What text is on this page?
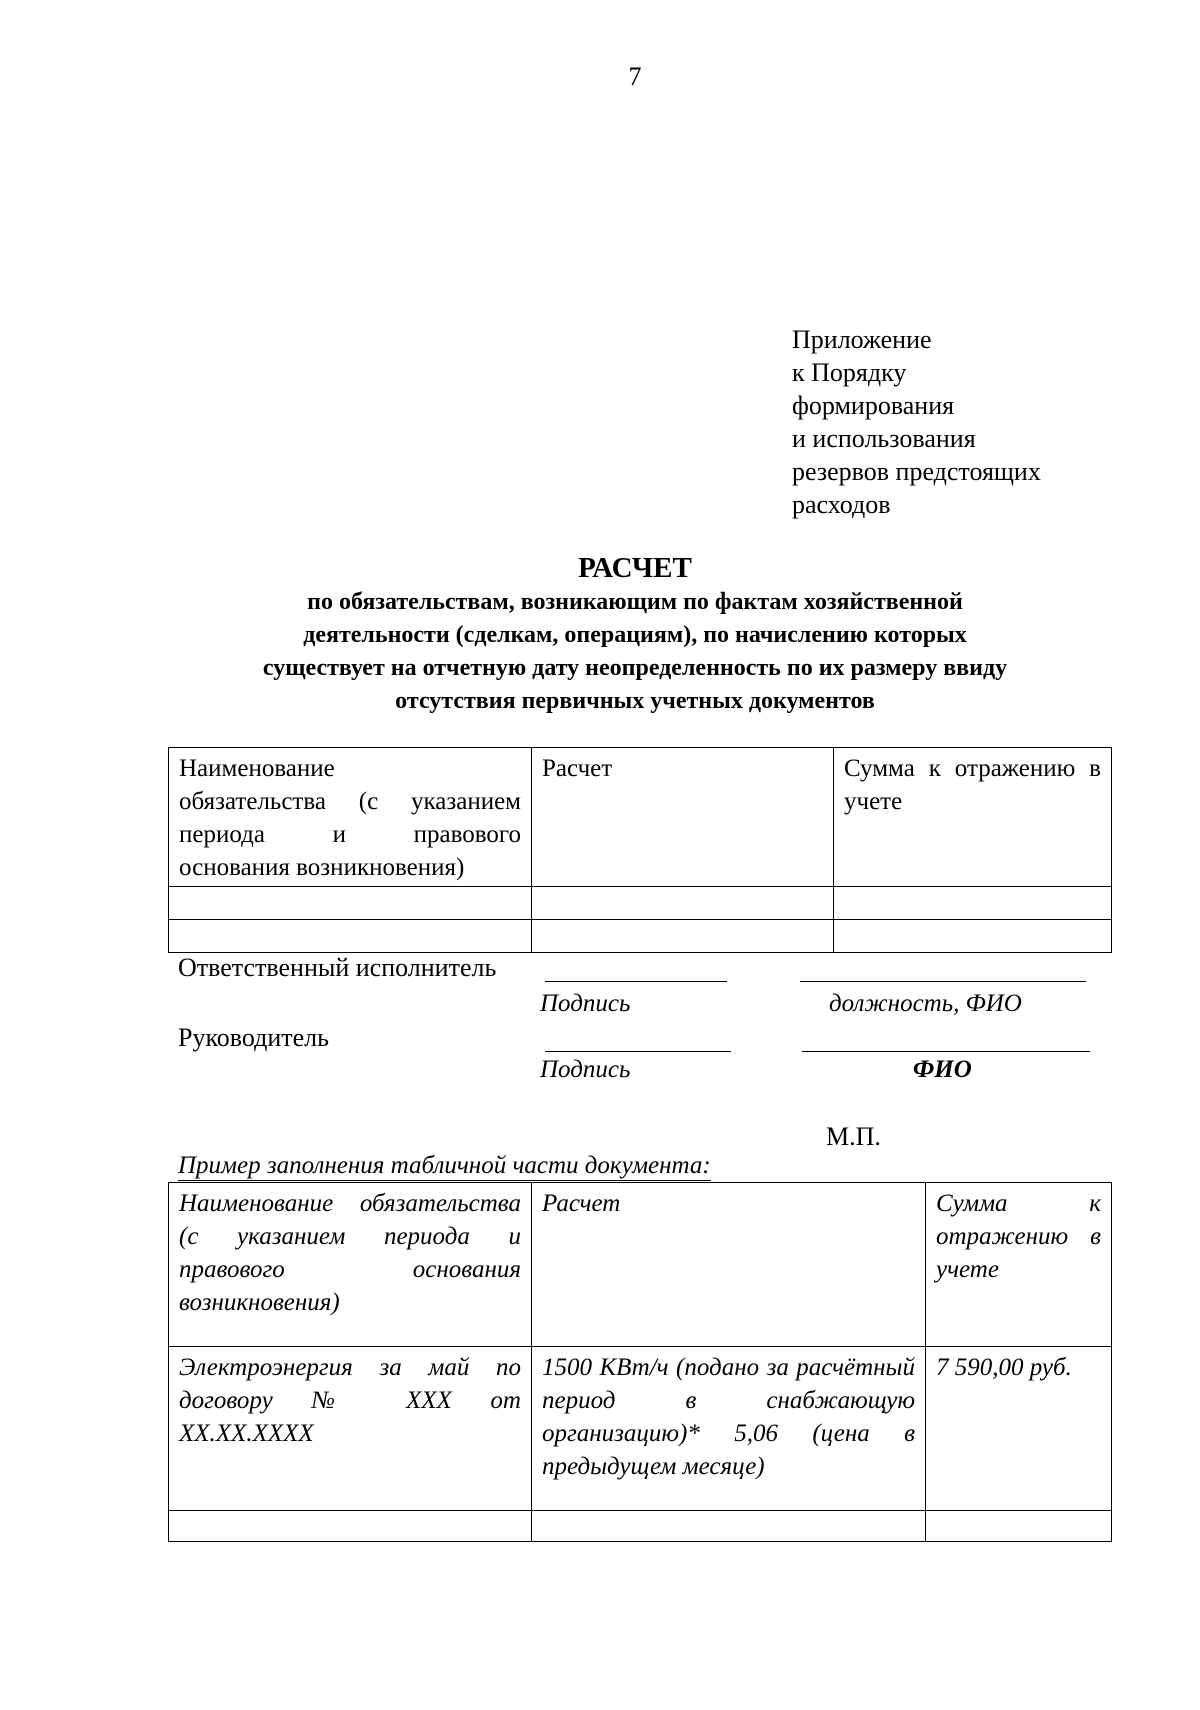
7
Приложение
к Порядку
формирования
и использования
резервов предстоящих
расходов
РАСЧЕТ
по обязательствам, возникающим по фактам хозяйственной
деятельности (сделкам, операциям), по начислению которых
существует на отчетную дату неопределенность по их размеру ввиду
отсутствия первичных учетных документов
Наименование
обязательства (с указанием
периода и правового
основания возникновения)	Расчет	Сумма к отражению в учете

Ответственный исполнитель
Подпись	должность, ФИО
Руководитель
Подпись	ФИО
М.П.
Пример заполнения табличной части документа:
Наименование обязательства (с указанием периода и правового основания возникновения)	Расчет	Сумма к отражению в учете
Электроэнергия за май по договору № XXX от XX.XX.XXXX	1500 КВт/ч (подано за расчётный период в снабжающую организацию)* 5,06 (цена в предыдущем месяце)	7 590,00 руб.
